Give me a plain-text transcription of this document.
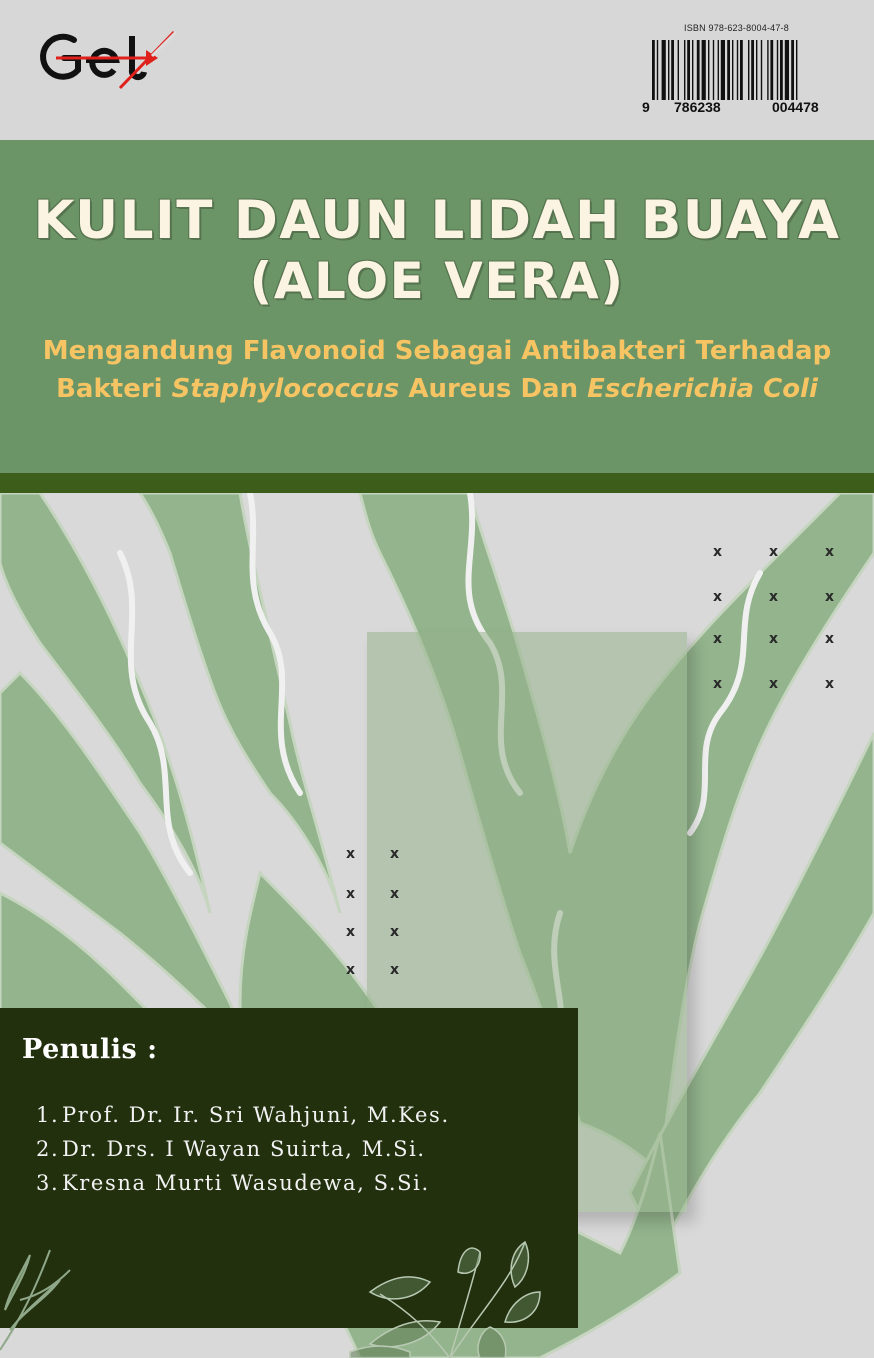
ISBN 978-623-8004-47-8
9 786238	004478
KULIT DAUN LIDAH BUAYA
(ALOE VERA)
Mengandung Flavonoid Sebagai Antibakteri Terhadap
Bakteri Staphylococcus Aureus Dan Escherichia Coli
x	x	x
x	x	x
x	x	x
x	x	x
x x
x x
x x
x x
Penulis :
1. Prof. Dr. Ir. Sri Wahjuni, M.Kes.
2. Dr. Drs. I Wayan Suirta, M.Si.
3. Kresna Murti Wasudewa, S.Si.
